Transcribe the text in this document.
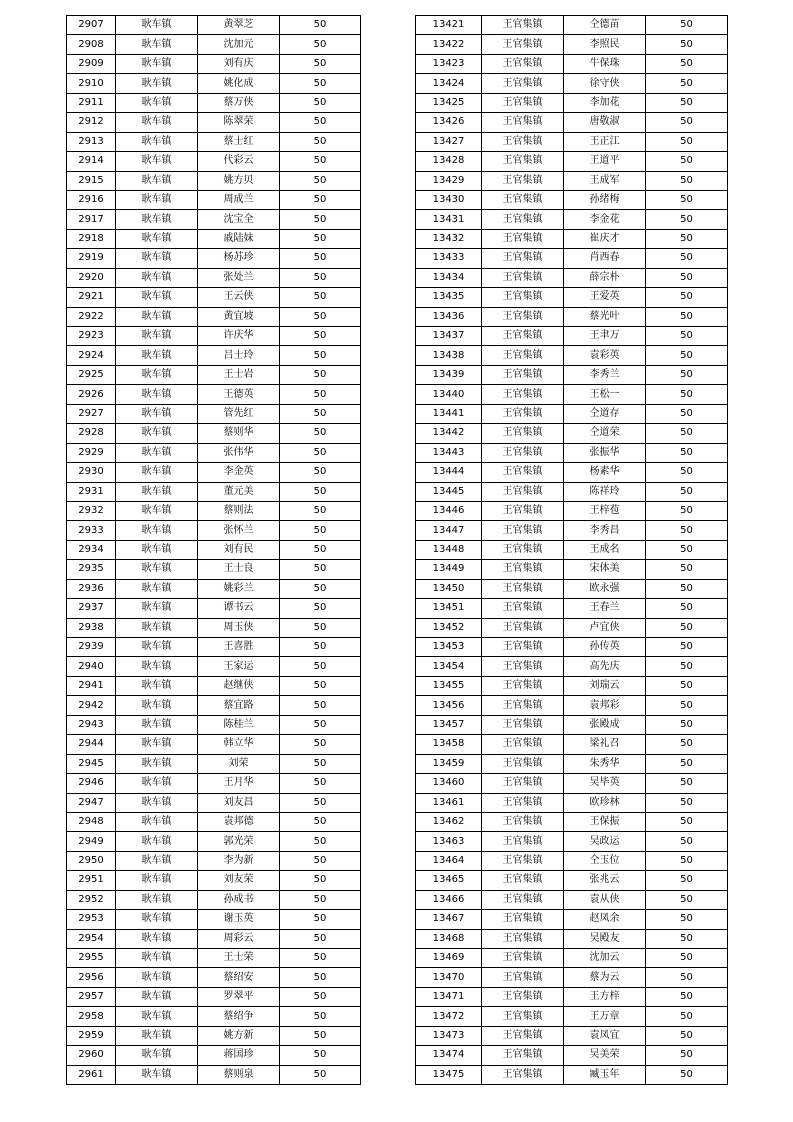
2907	耿车镇	黄翠芝	50
2908	耿车镇	沈加元	50
2909	耿车镇	刘有庆	50
2910	耿车镇	姚化成	50
2911	耿车镇	蔡万侠	50
2912	耿车镇	陈翠荣	50
2913	耿车镇	蔡士红	50
2914	耿车镇	代彩云	50
2915	耿车镇	姚方贝	50
2916	耿车镇	周成兰	50
2917	耿车镇	沈宝全	50
2918	耿车镇	戚陆妹	50
2919	耿车镇	杨苏珍	50
2920	耿车镇	张处兰	50
2921	耿车镇	王云侠	50
2922	耿车镇	黄宜坡	50
2923	耿车镇	许庆华	50
2924	耿车镇	吕士玲	50
2925	耿车镇	王士岩	50
2926	耿车镇	王德英	50
2927	耿车镇	管先红	50
2928	耿车镇	蔡则华	50
2929	耿车镇	张伟华	50
2930	耿车镇	李金英	50
2931	耿车镇	董元美	50
2932	耿车镇	蔡则法	50
2933	耿车镇	张怀兰	50
2934	耿车镇	刘有民	50
2935	耿车镇	王士良	50
2936	耿车镇	姚彩兰	50
2937	耿车镇	谭书云	50
2938	耿车镇	周玉侠	50
2939	耿车镇	王喜胜	50
2940	耿车镇	王家运	50
2941	耿车镇	赵继侠	50
2942	耿车镇	蔡宜路	50
2943	耿车镇	陈桂兰	50
2944	耿车镇	韩立华	50
2945	耿车镇	刘荣	50
2946	耿车镇	王月华	50
2947	耿车镇	刘友昌	50
2948	耿车镇	袁邦德	50
2949	耿车镇	郭光荣	50
2950	耿车镇	李为新	50
2951	耿车镇	刘友荣	50
2952	耿车镇	孙成书	50
2953	耿车镇	谢玉英	50
2954	耿车镇	周彩云	50
2955	耿车镇	王士荣	50
2956	耿车镇	蔡绍安	50
2957	耿车镇	罗翠平	50
2958	耿车镇	蔡绍争	50
2959	耿车镇	姚方新	50
2960	耿车镇	蒋国珍	50
2961	耿车镇	蔡则泉	50
13421	王官集镇	仝德苗	50
13422	王官集镇	李照民	50
13423	王官集镇	牛保珠	50
13424	王官集镇	徐守侠	50
13425	王官集镇	李加花	50
13426	王官集镇	唐敬淑	50
13427	王官集镇	王正江	50
13428	王官集镇	王道平	50
13429	王官集镇	王成军	50
13430	王官集镇	孙绪梅	50
13431	王官集镇	李金花	50
13432	王官集镇	崔庆才	50
13433	王官集镇	肖西春	50
13434	王官集镇	薛宗朴	50
13435	王官集镇	王爱英	50
13436	王官集镇	蔡光叶	50
13437	王官集镇	王聿万	50
13438	王官集镇	袁彩英	50
13439	王官集镇	李秀兰	50
13440	王官集镇	王松一	50
13441	王官集镇	仝道存	50
13442	王官集镇	仝道荣	50
13443	王官集镇	张振华	50
13444	王官集镇	杨素华	50
13445	王官集镇	陈祥玲	50
13446	王官集镇	王梓苞	50
13447	王官集镇	李秀昌	50
13448	王官集镇	王成名	50
13449	王官集镇	宋体美	50
13450	王官集镇	欧永强	50
13451	王官集镇	王春兰	50
13452	王官集镇	卢宜侠	50
13453	王官集镇	孙传英	50
13454	王官集镇	高先庆	50
13455	王官集镇	刘瑞云	50
13456	王官集镇	袁邦彩	50
13457	王官集镇	张殿成	50
13458	王官集镇	梁礼召	50
13459	王官集镇	朱秀华	50
13460	王官集镇	吴毕英	50
13461	王官集镇	欧珍林	50
13462	王官集镇	王保振	50
13463	王官集镇	吴政运	50
13464	王官集镇	仝玉位	50
13465	王官集镇	张兆云	50
13466	王官集镇	袁从侠	50
13467	王官集镇	赵凤余	50
13468	王官集镇	吴殿友	50
13469	王官集镇	沈加云	50
13470	王官集镇	蔡为云	50
13471	王官集镇	王方梓	50
13472	王官集镇	王万章	50
13473	王官集镇	袁凤宜	50
13474	王官集镇	吴美荣	50
13475	王官集镇	臧玉年	50
